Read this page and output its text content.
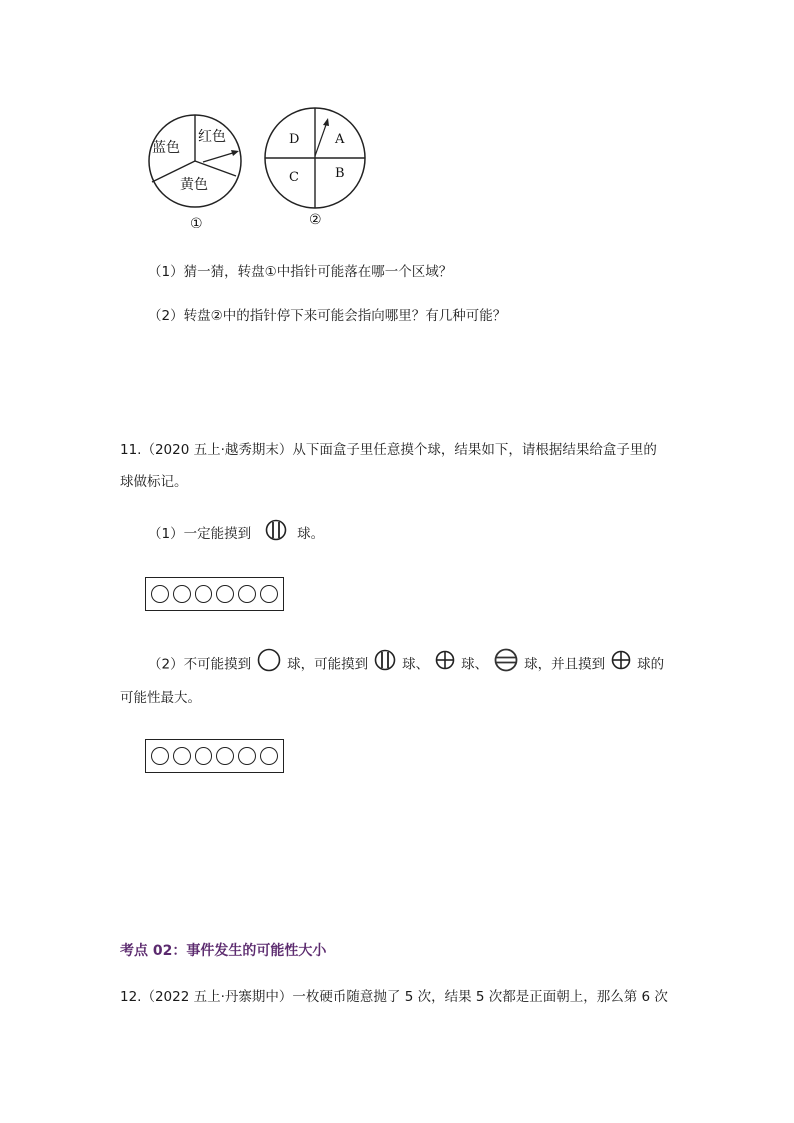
蓝色
红色
黄色
①
D	A
C	B
②
（1）猜一猜，转盘①中指针可能落在哪一个区域？
（2）转盘②中的指针停下来可能会指向哪里？有几种可能？
11.（2020 五上·越秀期末）从下面盒子里任意摸个球，结果如下，请根据结果给盒子里的
球做标记。
（1）一定能摸到	球。
（2）不可能摸到	球，可能摸到	球、 球、	球，并且摸到 球的
可能性最大。
考点 02：事件发生的可能性大小
12.（2022 五上·丹寨期中）一枚硬币随意抛了 5 次，结果 5 次都是正面朝上，那么第 6 次
